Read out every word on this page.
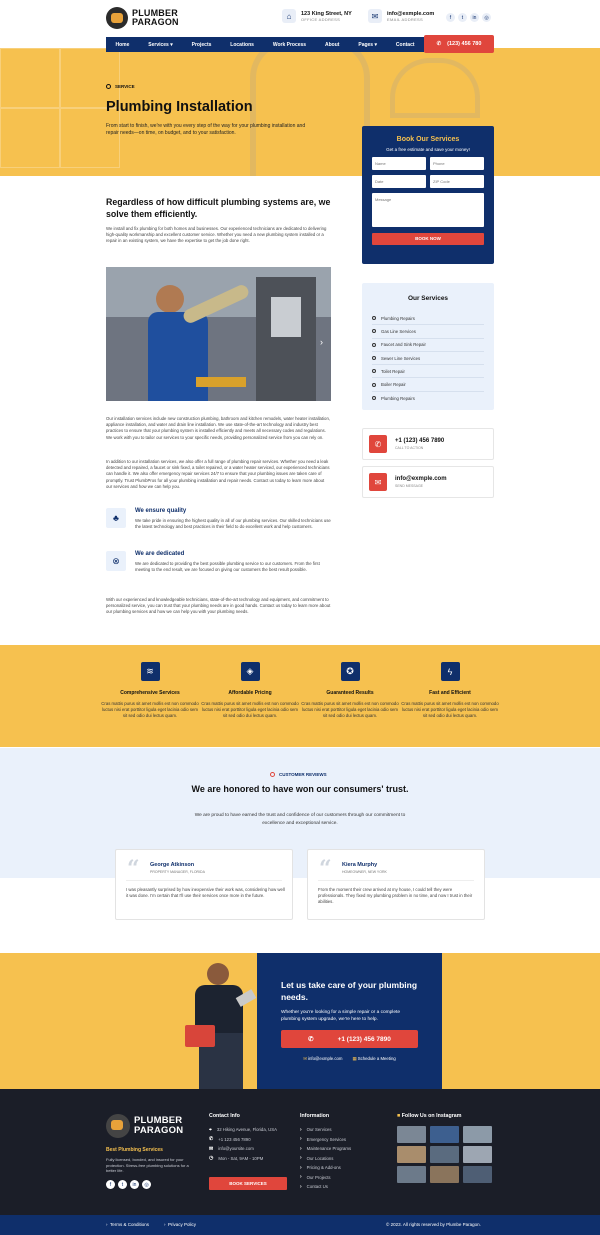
PLUMBER
PARAGON
⌂	123 King Street, NY
OFFICE ADDRESS	✉	info@exmple.com
EMAIL ADDRESS	f	t	in	◎
Home	Services ▾	Projects	Locations	Work Process	About	Pages ▾	Contact	✆ (123) 456 780
SERVICE
Plumbing Installation
From start to finish, we're with you every step of the way for your plumbing installation and repair needs—on time, on budget, and to your satisfaction.
Book Our Services
Get a free estimate and save your money!
Name	Phone
Date	ZIP Code
Message
BOOK NOW
Our Services
Plumbing Repairs
Gas Line Services
Faucet and Sink Repair
Sewer Line Services
Toilet Repair
Boiler Repair
Plumbing Repairs
✆	+1 (123) 456 7890
CALL TO ACTION
✉	info@exmple.com
SEND MESSAGE
Regardless of how difficult plumbing systems are, we solve them efficiently.
We install and fix plumbing for both homes and businesses. Our experienced technicians are dedicated to delivering high-quality workmanship and excellent customer service. Whether you need a new plumbing system installed or a repair in an existing system, we have the expertise to get the job done right.
›
Our installation services include new construction plumbing, bathroom and kitchen remodels, water heater installation, appliance installation, and water and drain line installation. We use state-of-the-art technology and industry best practices to ensure that your plumbing system is installed efficiently and meets all necessary codes and regulations. We work with you to tailor our services to your specific needs, providing personalized service from you can rely on.
In addition to our installation services, we also offer a full range of plumbing repair services. Whether you need a leak detected and repaired, a faucet or sink fixed, a toilet repaired, or a water heater serviced, our experienced technicians can handle it. We also offer emergency repair services 24/7 to ensure that your plumbing issues are taken care of promptly. Trust PlumbPros for all your plumbing installation and repair needs. Contact us today to learn more about our services and how we can help you.
♣
We ensure quality
We take pride in ensuring the highest quality in all of our plumbing services. Our skilled technicians use the latest technology and best practices in their field to do excellent work and help customers.
⊗
We are dedicated
We are dedicated to providing the best possible plumbing service to our customers. From the first meeting to the end result, we are focused on giving our customers the best result possible.
With our experienced and knowledgeable technicians, state-of-the-art technology and equipment, and commitment to personalized service, you can trust that your plumbing needs are in good hands. Contact us today to learn more about our plumbing services and how we can help you with your plumbing needs.
≋
Comprehensive Services
Cras mattis purus sit amet mollis est non commodo luctus nisi erat porttitor ligula eget lacinia odio sem sit sed odio dui lectus quam.
◈
Affordable Pricing
Cras mattis purus sit amet mollis est non commodo luctus nisi erat porttitor ligula eget lacinia odio sem sit sed odio dui lectus quam.
✪
Guaranteed Results
Cras mattis purus sit amet mollis est non commodo luctus nisi erat porttitor ligula eget lacinia odio sem sit sed odio dui lectus quam.
ϟ
Fast and Efficient
Cras mattis purus sit amet mollis est non commodo luctus nisi erat porttitor ligula eget lacinia odio sem sit sed odio dui lectus quam.
CUSTOMER REVIEWS
We are honored to have won our consumers' trust.
We are proud to have earned the trust and confidence of our customers through our commitment to excellence and exceptional service.
“ George Atkinson
PROPERTY MANAGER, FLORIDA
I was pleasantly surprised by how inexpensive their work was, considering how well it was done. I'm certain that I'll use their services once more in the future.
“ Kiera Murphy
HOMEOWNER, NEW YORK
From the moment their crew arrived at my house, I could tell they were professionals. They fixed my plumbing problem in no time, and now I trust in their abilities.
Let us take care of your plumbing needs.
Whether you're looking for a simple repair or a complete plumbing system upgrade, we're here to help.
✆	+1 (123) 456 7890
✉ info@exmple.com ▦ Schedule a Meeting
PLUMBER
PARAGON
Best Plumbing Services
Fully licensed, bonded, and insured for your protection. Stress-free plumbing solutions for a better life.
f	t	in	◎
Contact Info
⌖ 32 Hiking Avenue, Florida, USA
✆ +1 123 456 7890
✉ info@yoursite.com
◷ Mon - Sat, 9AM - 10PM
BOOK SERVICES
Information
› Our Services
› Emergency Services
› Maintenance Programs
› Our Locations
› Pricing & Add-ons
› Our Projects
› Contact Us
■ Follow Us on Instagram
›  Terms & Conditions	›  Privacy Policy	© 2023. All rights reserved by Plumbe Paragon.
